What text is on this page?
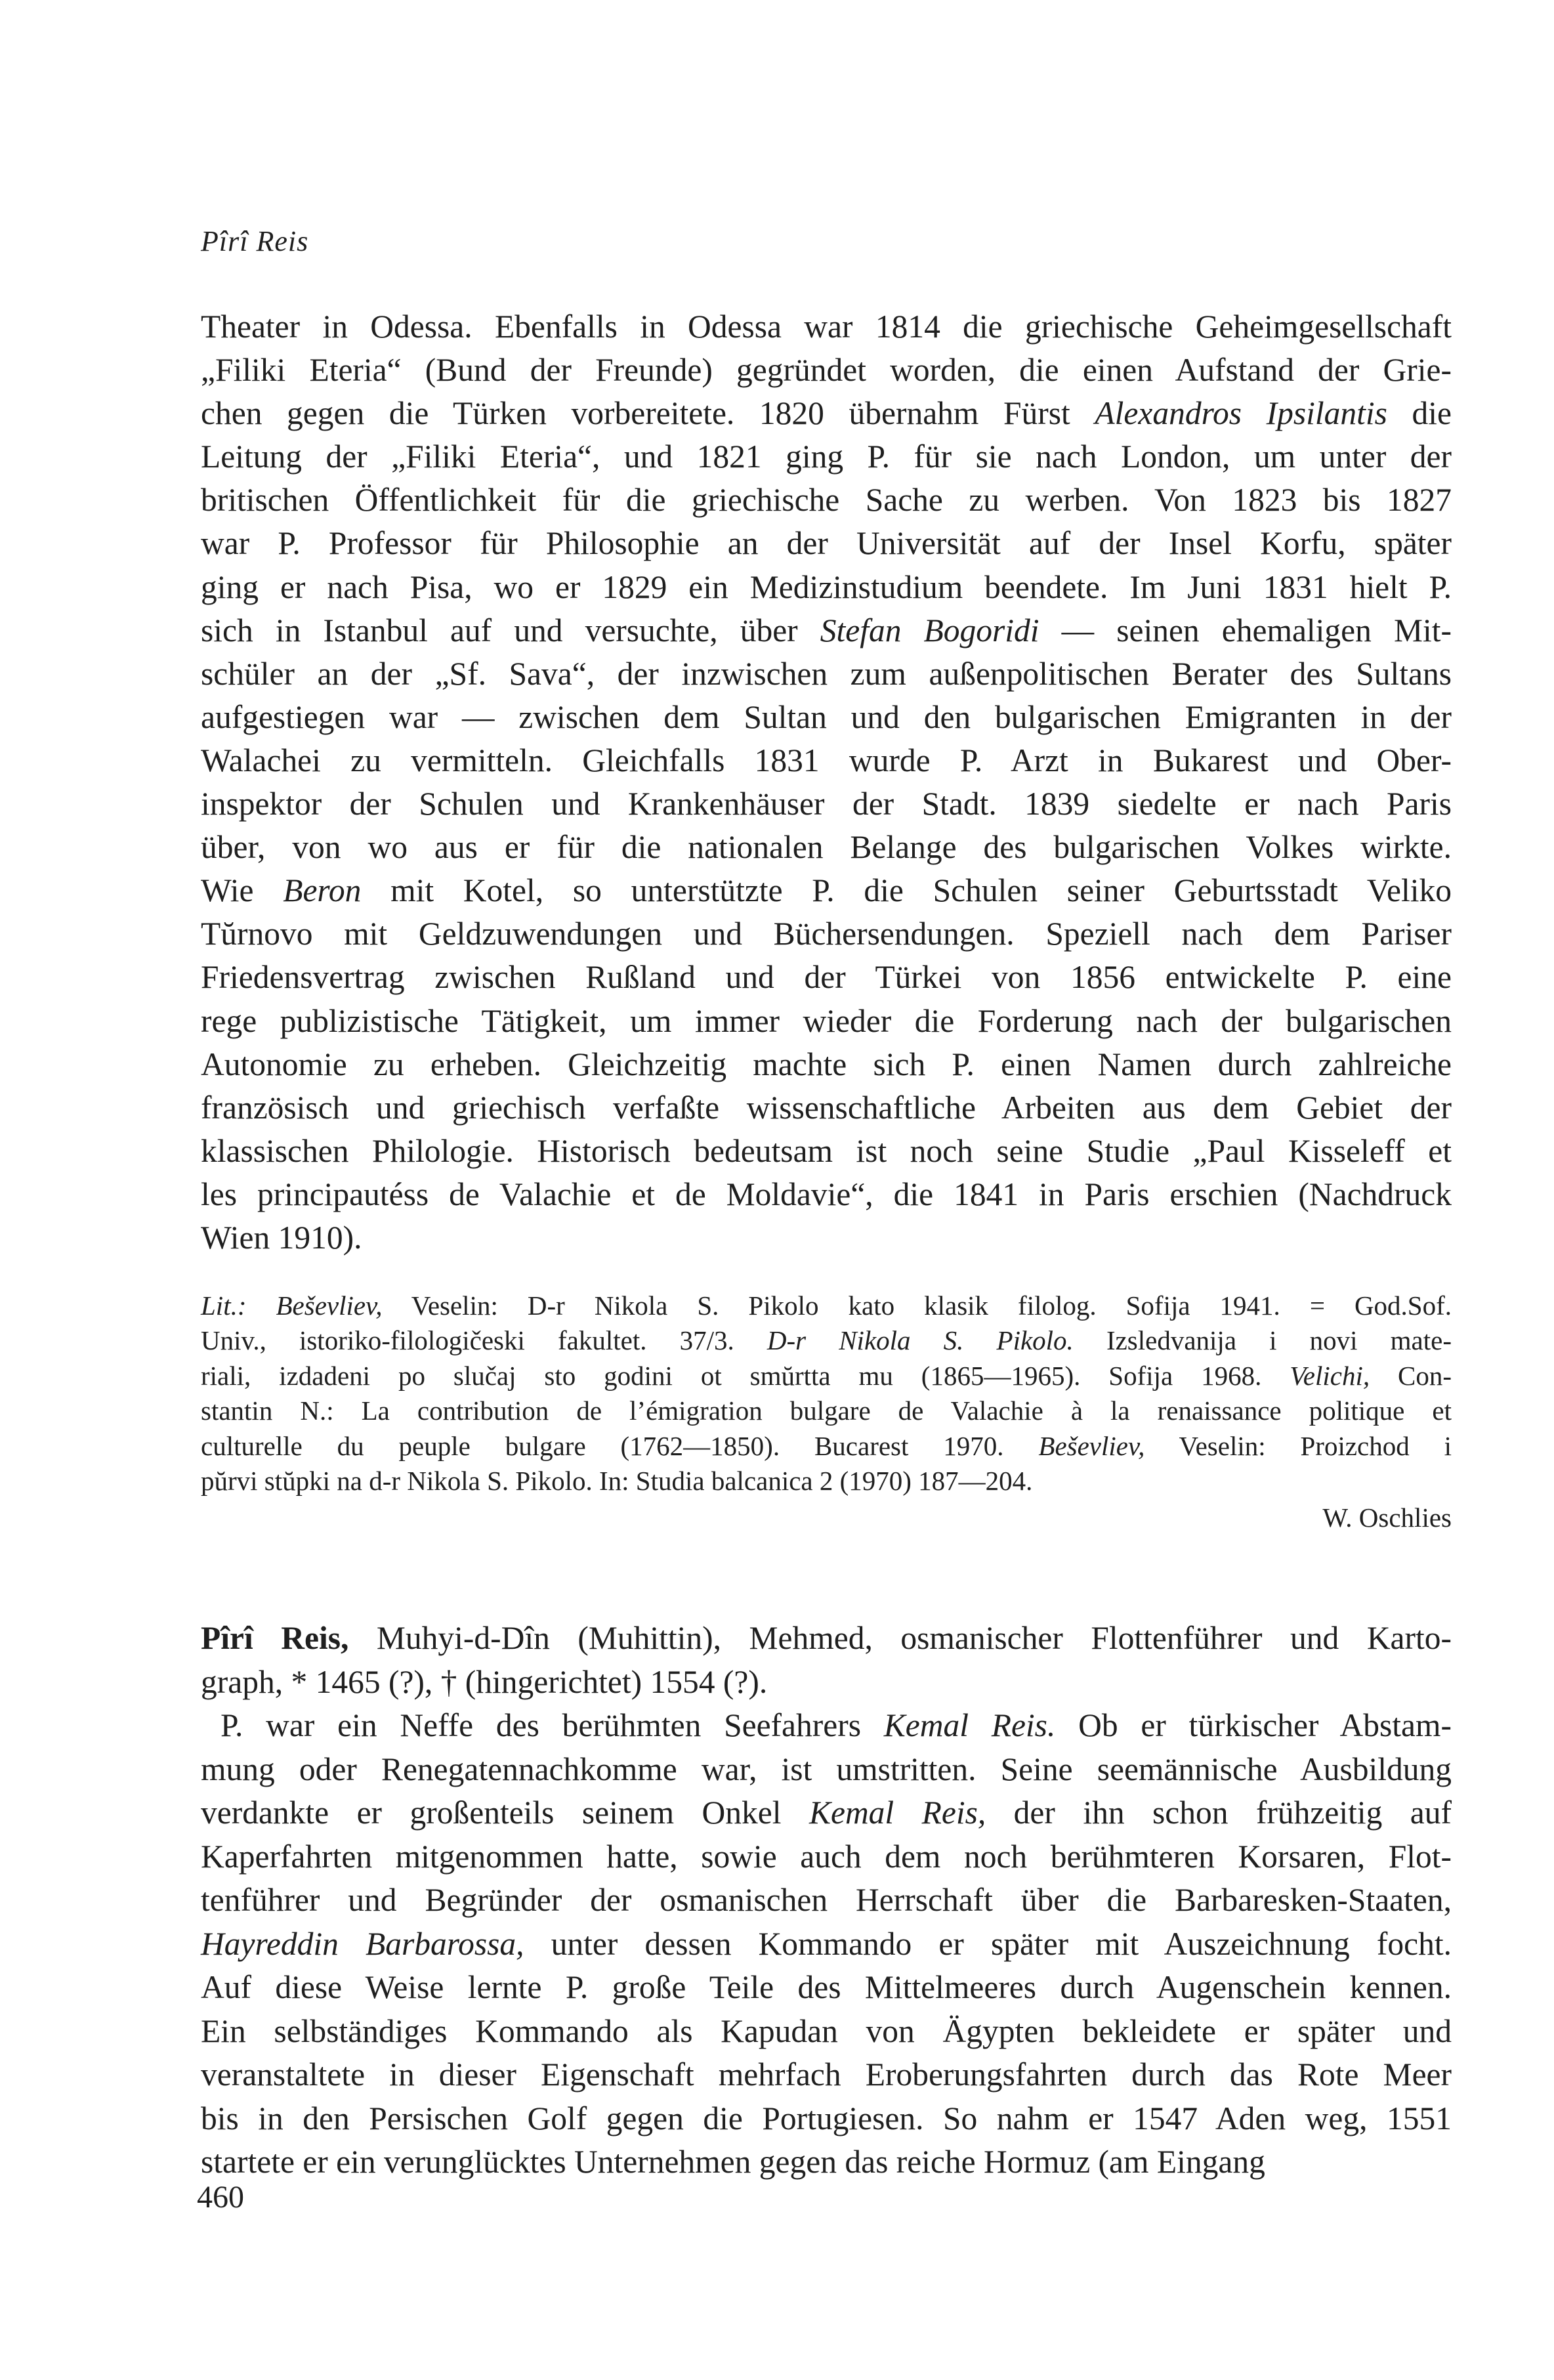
Pîrî Reis
Theater in Odessa. Ebenfalls in Odessa war 1814 die griechische Geheimgesellschaft
„Filiki Eteria“ (Bund der Freunde) gegründet worden, die einen Aufstand der Grie-
chen gegen die Türken vorbereitete. 1820 übernahm Fürst Alexandros Ipsilantis die
Leitung der „Filiki Eteria“, und 1821 ging P. für sie nach London, um unter der
britischen Öffentlichkeit für die griechische Sache zu werben. Von 1823 bis 1827
war P. Professor für Philosophie an der Universität auf der Insel Korfu, später
ging er nach Pisa, wo er 1829 ein Medizinstudium beendete. Im Juni 1831 hielt P.
sich in Istanbul auf und versuchte, über Stefan Bogoridi — seinen ehemaligen Mit-
schüler an der „Sf. Sava“, der inzwischen zum außenpolitischen Berater des Sultans
aufgestiegen war — zwischen dem Sultan und den bulgarischen Emigranten in der
Walachei zu vermitteln. Gleichfalls 1831 wurde P. Arzt in Bukarest und Ober-
inspektor der Schulen und Krankenhäuser der Stadt. 1839 siedelte er nach Paris
über, von wo aus er für die nationalen Belange des bulgarischen Volkes wirkte.
Wie Beron mit Kotel, so unterstützte P. die Schulen seiner Geburtsstadt Veliko
Tŭrnovo mit Geldzuwendungen und Büchersendungen. Speziell nach dem Pariser
Friedensvertrag zwischen Rußland und der Türkei von 1856 entwickelte P. eine
rege publizistische Tätigkeit, um immer wieder die Forderung nach der bulgarischen
Autonomie zu erheben. Gleichzeitig machte sich P. einen Namen durch zahlreiche
französisch und griechisch verfaßte wissenschaftliche Arbeiten aus dem Gebiet der
klassischen Philologie. Historisch bedeutsam ist noch seine Studie „Paul Kisseleff et
les principautéss de Valachie et de Moldavie“, die 1841 in Paris erschien (Nachdruck
Wien 1910).
Lit.: Beševliev, Veselin: D-r Nikola S. Pikolo kato klasik filolog. Sofija 1941. = God.Sof.
Univ., istoriko-filologičeski fakultet. 37/3. D-r Nikola S. Pikolo. Izsledvanija i novi mate-
riali, izdadeni po slučaj sto godini ot smŭrtta mu (1865—1965). Sofija 1968. Velichi, Con-
stantin N.: La contribution de l’émigration bulgare de Valachie à la renaissance politique et
culturelle du peuple bulgare (1762—1850). Bucarest 1970. Beševliev, Veselin: Proizchod i
pŭrvi stŭpki na d-r Nikola S. Pikolo. In: Studia balcanica 2 (1970) 187—204.
W. Oschlies
Pîrî Reis, Muhyi-d-Dîn (Muhittin), Mehmed, osmanischer Flottenführer und Karto-
graph, * 1465 (?), † (hingerichtet) 1554 (?).
P. war ein Neffe des berühmten Seefahrers Kemal Reis. Ob er türkischer Abstam-
mung oder Renegatennachkomme war, ist umstritten. Seine seemännische Ausbildung
verdankte er großenteils seinem Onkel Kemal Reis, der ihn schon frühzeitig auf
Kaperfahrten mitgenommen hatte, sowie auch dem noch berühmteren Korsaren, Flot-
tenführer und Begründer der osmanischen Herrschaft über die Barbaresken-Staaten,
Hayreddin Barbarossa, unter dessen Kommando er später mit Auszeichnung focht.
Auf diese Weise lernte P. große Teile des Mittelmeeres durch Augenschein kennen.
Ein selbständiges Kommando als Kapudan von Ägypten bekleidete er später und
veranstaltete in dieser Eigenschaft mehrfach Eroberungsfahrten durch das Rote Meer
bis in den Persischen Golf gegen die Portugiesen. So nahm er 1547 Aden weg, 1551
startete er ein verunglücktes Unternehmen gegen das reiche Hormuz (am Eingang
460
